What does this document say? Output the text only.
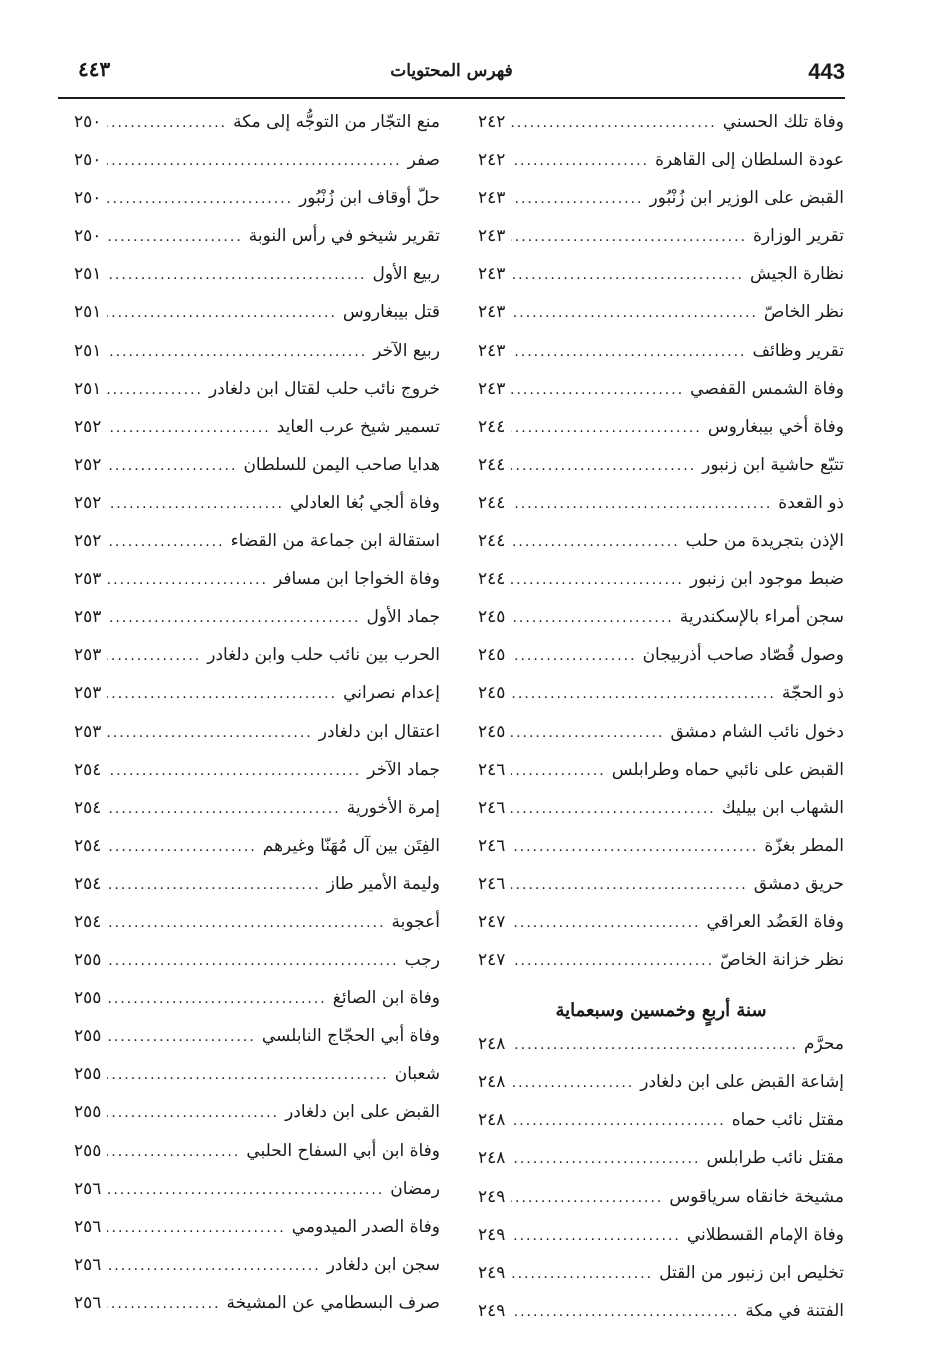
443
فهرس المحتويات
٤٤٣
وفاة تلك الحسني
.....
٢٤٢
عودة السلطان إلى القاهرة
.....
٢٤٢
القبض على الوزير ابن زُنْبُور
.....
٢٤٣
تقرير الوزارة
.....
٢٤٣
نظارة الجيش
.....
٢٤٣
نظر الخاصّ
.....
٢٤٣
تقرير وظائف
.....
٢٤٣
وفاة الشمس القفصي
.....
٢٤٣
وفاة أخي بيبغاروس
.....
٢٤٤
تتبّع حاشية ابن زنبور
.....
٢٤٤
ذو القعدة
.....
٢٤٤
الإذن بتجريدة من حلب
.....
٢٤٤
ضبط موجود ابن زنبور
.....
٢٤٤
سجن أمراء بالإسكندرية
.....
٢٤٥
وصول قُصّاد صاحب أذربيجان
.....
٢٤٥
ذو الحجّة
.....
٢٤٥
دخول نائب الشام دمشق
.....
٢٤٥
القبض على نائبي حماه وطرابلس
.....
٢٤٦
الشهاب ابن بيليك
.....
٢٤٦
المطر بغزّة
.....
٢٤٦
حريق دمشق
.....
٢٤٦
وفاة العَضُد العراقي
.....
٢٤٧
نظر خزانة الخاصّ
.....
٢٤٧
سنة أربعٍ وخمسين وسبعماية
محرَّم
.....
٢٤٨
إشاعة القبض على ابن دلغادر
.....
٢٤٨
مقتل نائب حماه
.....
٢٤٨
مقتل نائب طرابلس
.....
٢٤٨
مشيخة خانقاه سرياقوس
.....
٢٤٩
وفاة الإمام القسطلاني
.....
٢٤٩
تخليص ابن زنبور من القتل
.....
٢٤٩
الفتنة في مكة
.....
٢٤٩
منع التجّار من التوجُّه إلى مكة
.....
٢٥٠
صفر
.....
٢٥٠
حلّ أوقاف ابن زُنْبُور
.....
٢٥٠
تقرير شيخو في رأس النوبة
.....
٢٥٠
ربيع الأول
.....
٢٥١
قتل بيبغاروس
.....
٢٥١
ربيع الآخر
.....
٢٥١
خروج نائب حلب لقتال ابن دلغادر
.....
٢٥١
تسمير شيخ عرب العايد
.....
٢٥٢
هدايا صاحب اليمن للسلطان
.....
٢٥٢
وفاة ألجي بُغا العادلي
.....
٢٥٢
استقالة ابن جماعة من القضاء
.....
٢٥٢
وفاة الخواجا ابن مسافر
.....
٢٥٣
جماد الأول
.....
٢٥٣
الحرب بين نائب حلب وابن دلغادر
.....
٢٥٣
إعدام نصراني
.....
٢٥٣
اعتقال ابن دلغادر
.....
٢٥٣
جماد الآخر
.....
٢٥٤
إمرة الأخورية
.....
٢٥٤
الفِتَن بين آل مُهَنّا وغيرهم
.....
٢٥٤
وليمة الأمير طاز
.....
٢٥٤
أعجوبة
.....
٢٥٤
رجب
.....
٢٥٥
وفاة ابن الصائغ
.....
٢٥٥
وفاة أبي الحجّاج النابلسي
.....
٢٥٥
شعبان
.....
٢٥٥
القبض على ابن دلغادر
.....
٢٥٥
وفاة ابن أبي السفاح الحلبي
.....
٢٥٥
رمضان
.....
٢٥٦
وفاة الصدر الميدومي
.....
٢٥٦
سجن ابن دلغادر
.....
٢٥٦
صرف البسطامي عن المشيخة
.....
٢٥٦
